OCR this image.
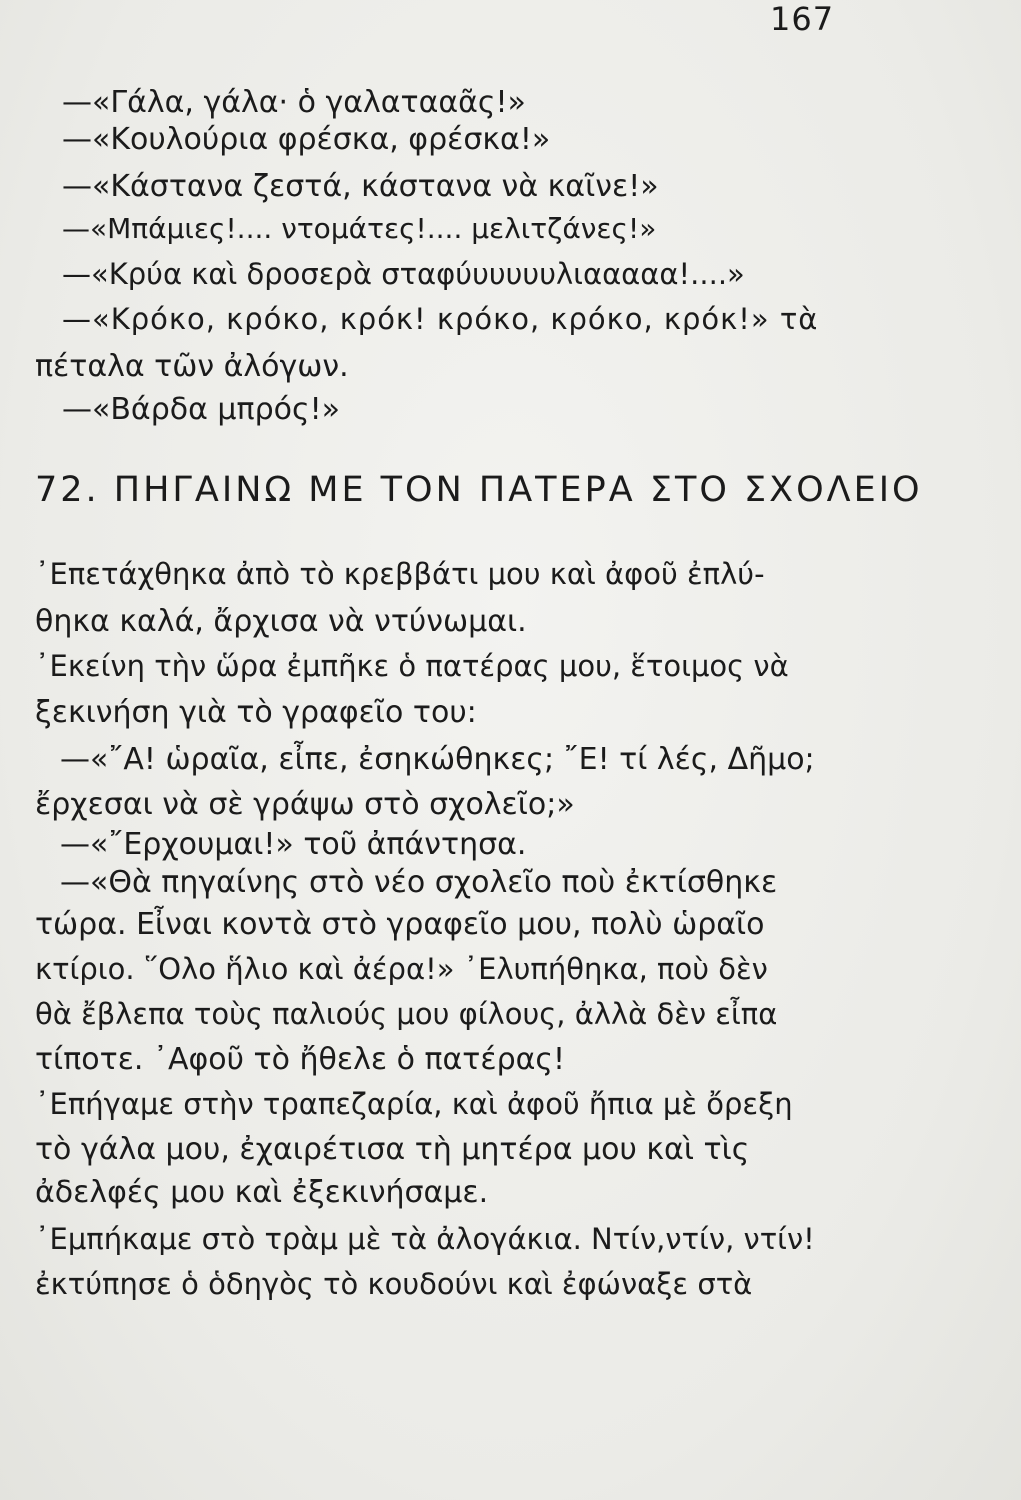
167
—«Γάλα, γάλα· ὁ γαλατααᾶς!»
—«Κουλούρια φρέσκα, φρέσκα!»
—«Κάστανα ζεστά, κάστανα νὰ καῖνε!»
—«Μπάμιες!.... ντομάτες!.... μελιτζάνες!»
—«Κρύα καὶ δροσερὰ σταφύυυυυυλιααααα!....»
—«Κρόκο, κρόκο, κρόκ! κρόκο, κρόκο, κρόκ!» τὰ
πέταλα τῶν ἀλόγων.
—«Βάρδα μπρός!»
72. ΠΗΓΑΙΝΩ ΜΕ ΤΟΝ ΠΑΤΕΡΑ ΣΤΟ ΣΧΟΛΕΙΟ
᾿Επετάχθηκα ἀπὸ τὸ κρεββάτι μου καὶ ἀφοῦ ἐπλύ-
θηκα καλά, ἄρχισα νὰ ντύνωμαι.
᾿Εκείνη τὴν ὥρα ἐμπῆκε ὁ πατέρας μου, ἕτοιμος νὰ
ξεκινήση γιὰ τὸ γραφεῖο του:
—«῎Α! ὡραῖα, εἶπε, ἐσηκώθηκες; ῎Ε! τί λές, Δῆμο;
ἔρχεσαι νὰ σὲ γράψω στὸ σχολεῖο;»
—«῎Ερχουμαι!» τοῦ ἀπάντησα.
—«Θὰ πηγαίνης στὸ νέο σχολεῖο ποὺ ἐκτίσθηκε
τώρα. Εἶναι κοντὰ στὸ γραφεῖο μου, πολὺ ὡραῖο
κτίριο. ῞Ολο ἥλιο καὶ ἀέρα!» ᾿Ελυπήθηκα, ποὺ δὲν
θὰ ἔβλεπα τοὺς παλιούς μου φίλους, ἀλλὰ δὲν εἶπα
τίποτε. ᾿Αφοῦ τὸ ἤθελε ὁ πατέρας!
᾿Επήγαμε στὴν τραπεζαρία, καὶ ἀφοῦ ἤπια μὲ ὄρεξη
τὸ γάλα μου, ἐχαιρέτισα τὴ μητέρα μου καὶ τὶς
ἀδελφές μου καὶ ἐξεκινήσαμε.
᾿Εμπήκαμε στὸ τρὰμ μὲ τὰ ἀλογάκια. Ντίν,ντίν, ντίν!
ἐκτύπησε ὁ ὁδηγὸς τὸ κουδούνι καὶ ἐφώναξε στὰ
